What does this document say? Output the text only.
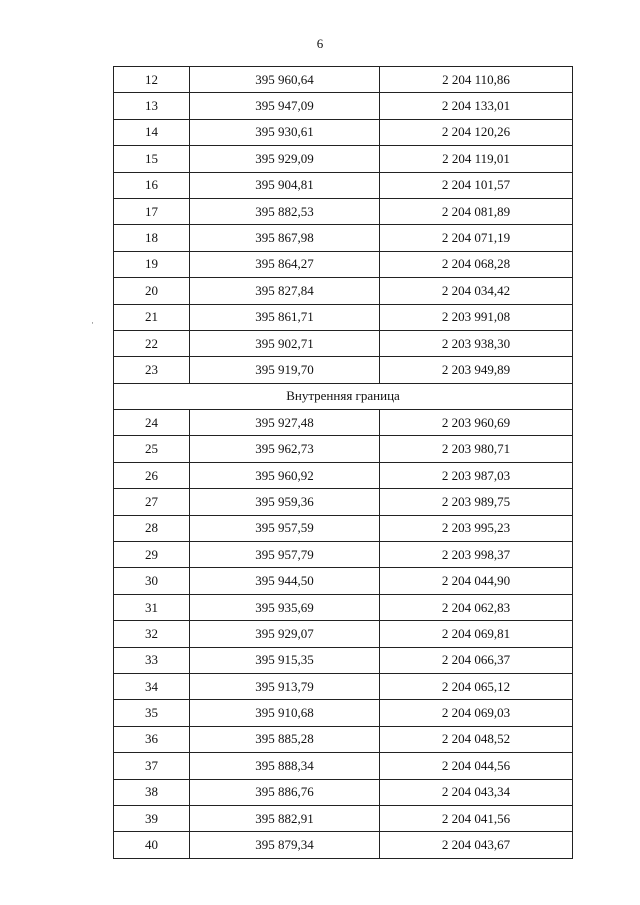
6
·
12	395 960,64	2 204 110,86
13	395 947,09	2 204 133,01
14	395 930,61	2 204 120,26
15	395 929,09	2 204 119,01
16	395 904,81	2 204 101,57
17	395 882,53	2 204 081,89
18	395 867,98	2 204 071,19
19	395 864,27	2 204 068,28
20	395 827,84	2 204 034,42
21	395 861,71	2 203 991,08
22	395 902,71	2 203 938,30
23	395 919,70	2 203 949,89
Внутренняя граница		
24	395 927,48	2 203 960,69
25	395 962,73	2 203 980,71
26	395 960,92	2 203 987,03
27	395 959,36	2 203 989,75
28	395 957,59	2 203 995,23
29	395 957,79	2 203 998,37
30	395 944,50	2 204 044,90
31	395 935,69	2 204 062,83
32	395 929,07	2 204 069,81
33	395 915,35	2 204 066,37
34	395 913,79	2 204 065,12
35	395 910,68	2 204 069,03
36	395 885,28	2 204 048,52
37	395 888,34	2 204 044,56
38	395 886,76	2 204 043,34
39	395 882,91	2 204 041,56
40	395 879,34	2 204 043,67
